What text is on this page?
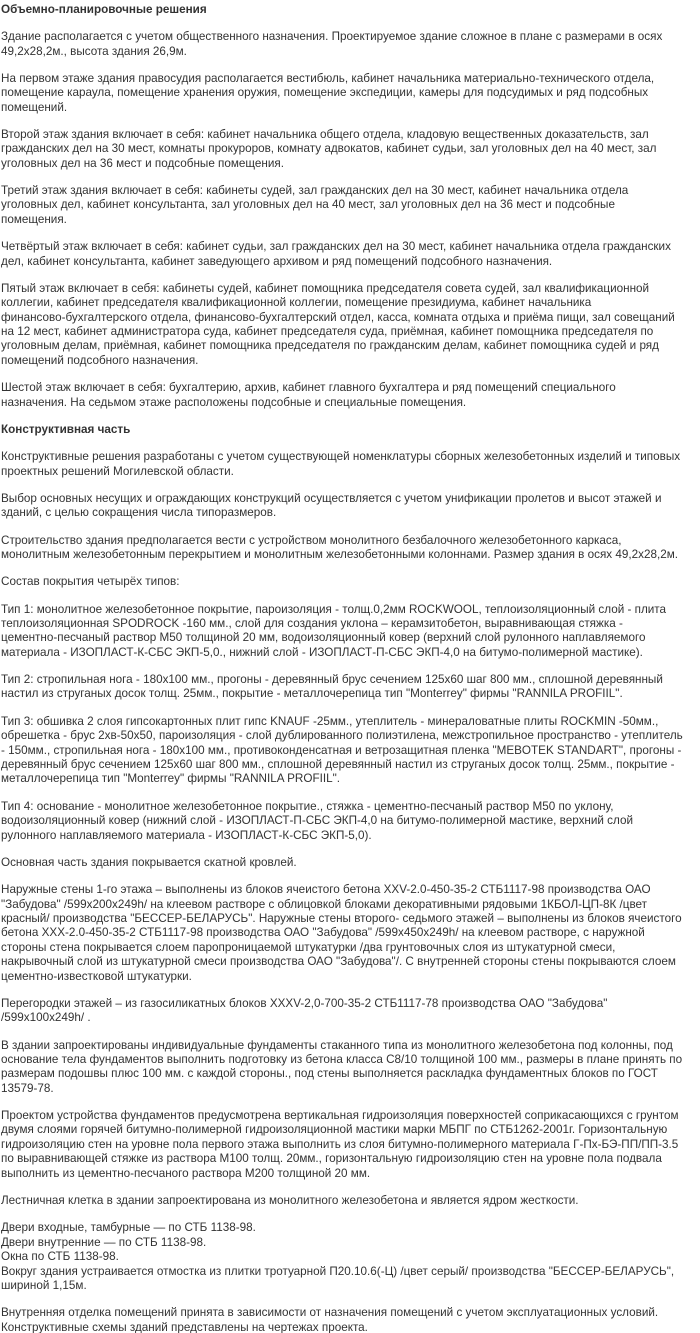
Объемно-планировочные решения
Здание располагается с учетом общественного назначения. Проектируемое здание сложное в плане с размерами в осях
49,2х28,2м., высота здания 26,9м.
На первом этаже здания правосудия располагается вестибюль, кабинет начальника материально-технического отдела,
помещение караула, помещение хранения оружия, помещение экспедиции, камеры для подсудимых и ряд подсобных
помещений.
Второй этаж здания включает в себя: кабинет начальника общего отдела, кладовую вещественных доказательств, зал
гражданских дел на 30 мест, комнаты прокуроров, комнату адвокатов, кабинет судьи, зал уголовных дел на 40 мест, зал
уголовных дел на 36 мест и подсобные помещения.
Третий этаж здания включает в себя: кабинеты судей, зал гражданских дел на 30 мест, кабинет начальника отдела
уголовных дел, кабинет консультанта, зал уголовных дел на 40 мест, зал уголовных дел на 36 мест и подсобные
помещения.
Четвёртый этаж включает в себя: кабинет судьи, зал гражданских дел на 30 мест, кабинет начальника отдела гражданских
дел, кабинет консультанта, кабинет заведующего архивом и ряд помещений подсобного назначения.
Пятый этаж включает в себя: кабинеты судей, кабинет помощника председателя совета судей, зал квалификационной
коллегии, кабинет председателя квалификационной коллегии, помещение президиума, кабинет начальника
финансово-бухгалтерского отдела, финансово-бухгалтерский отдел, касса, комната отдыха и приёма пищи, зал совещаний
на 12 мест, кабинет администратора суда, кабинет председателя суда, приёмная, кабинет помощника председателя по
уголовным делам, приёмная, кабинет помощника председателя по гражданским делам, кабинет помощника судей и ряд
помещений подсобного назначения.
Шестой этаж включает в себя: бухгалтерию, архив, кабинет главного бухгалтера и ряд помещений специального
назначения. На седьмом этаже расположены подсобные и специальные помещения.
Конструктивная часть
Конструктивные решения разработаны с учетом существующей номенклатуры сборных железобетонных изделий и типовых
проектных решений Могилевской области.
Выбор основных несущих и ограждающих конструкций осуществляется с учетом унификации пролетов и высот этажей и
зданий, с целью сокращения числа типоразмеров.
Строительство здания предполагается вести с устройством монолитного безбалочного железобетонного каркаса,
монолитным железобетонным перекрытием и монолитным железобетонными колоннами. Размер здания в осях 49,2х28,2м.
Состав покрытия четырёх типов:
Тип 1: монолитное железобетонное покрытие, пароизоляция - толщ.0,2мм ROCKWOOL, теплоизоляционный слой - плита
теплоизоляционная SPODROCK -160 мм., слой для создания уклона – керамзитобетон, выравнивающая стяжка -
цементно-песчаный раствор М50 толщиной 20 мм, водоизоляционный ковер (верхний слой рулонного наплавляемого
материала - ИЗОПЛАСТ-К-СБС ЭКП-5,0., нижний слой - ИЗОПЛАСТ-П-СБС ЭКП-4,0 на битумо-полимерной мастике).
Тип 2: стропильная нога - 180х100 мм., прогоны - деревянный брус сечением 125х60 шаг 800 мм., сплошной деревянный
настил из струганых досок толщ. 25мм., покрытие - металлочерепица тип "Monterrey" фирмы "RANNILA PROFIIL".
Тип 3: обшивка 2 слоя гипсокартонных плит гипс KNAUF -25мм., утеплитель - минераловатные плиты ROCKMIN -50мм.,
обрешетка - брус 2хв-50х50, пароизоляция - слой дублированного полиэтилена, межстропильное пространство - утеплитель
- 150мм., стропильная нога - 180х100 мм., противоконденсатная и ветрозащитная пленка "MEBOTEK STANDART", прогоны -
деревянный брус сечением 125х60 шаг 800 мм., сплошной деревянный настил из струганых досок толщ. 25мм., покрытие -
металлочерепица тип "Monterrey" фирмы "RANNILA PROFIIL".
Тип 4: основание - монолитное железобетонное покрытие., стяжка - цементно-песчаный раствор М50 по уклону,
водоизоляционный ковер (нижний слой - ИЗОПЛАСТ-П-СБС ЭКП-4,0 на битумо-полимерной мастике, верхний слой
рулонного наплавляемого материала - ИЗОПЛАСТ-К-СБС ЭКП-5,0).
Основная часть здания покрывается скатной кровлей.
Наружные стены 1-го этажа – выполнены из блоков ячеистого бетона XXV-2.0-450-35-2 СТБ1117-98 производства ОАО
"Забудова" /599х200х249h/ на клеевом растворе с облицовкой блоками декоративными рядовыми 1КБОЛ-ЦП-8К /цвет
красный/ производства "БЕССЕР-БЕЛАРУСЬ". Наружные стены второго- седьмого этажей – выполнены из блоков ячеистого
бетона XXX-2.0-450-35-2 СТБ1117-98 производства ОАО "Забудова" /599х450х249h/ на клеевом растворе, с наружной
стороны стена покрывается слоем паропроницаемой штукатурки /два грунтовочных слоя из штукатурной смеси,
накрывочный слой из штукатурной смеси производства ОАО "Забудова"/. С внутренней стороны стены покрываются слоем
цементно-известковой штукатурки.
Перегородки этажей – из газосиликатных блоков XXXV-2,0-700-35-2 СТБ1117-78 производства ОАО "Забудова"
/599х100х249h/ .
В здании запроектированы индивидуальные фундаменты стаканного типа из монолитного железобетона под колонны, под
основание тела фундаментов выполнить подготовку из бетона класса С8/10 толщиной 100 мм., размеры в плане принять по
размерам подошвы плюс 100 мм. с каждой стороны., под стены выполняется раскладка фундаментных блоков по ГОСТ
13579-78.
Проектом устройства фундаментов предусмотрена вертикальная гидроизоляция поверхностей соприкасающихся с грунтом
двумя слоями горячей битумно-полимерной гидроизоляционной мастики марки МБПГ по СТБ1262-2001г. Горизонтальную
гидроизоляцию стен на уровне пола первого этажа выполнить из слоя битумно-полимерного материала Г-Пх-БЭ-ПП/ПП-3.5
по выравнивающей стяжке из раствора М100 толщ. 20мм., горизонтальную гидроизоляцию стен на уровне пола подвала
выполнить из цементно-песчаного раствора М200 толщиной 20 мм.
Лестничная клетка в здании запроектирована из монолитного железобетона и является ядром жесткости.
Двери входные, тамбурные — по СТБ 1138-98.
Двери внутренние — по СТБ 1138-98.
Окна по СТБ 1138-98.
Вокруг здания устраивается отмостка из плитки тротуарной П20.10.6(-Ц) /цвет серый/ производства "БЕССЕР-БЕЛАРУСЬ",
шириной 1,15м.
Внутренняя отделка помещений принята в зависимости от назначения помещений с учетом эксплуатационных условий.
Конструктивные схемы зданий представлены на чертежах проекта.
